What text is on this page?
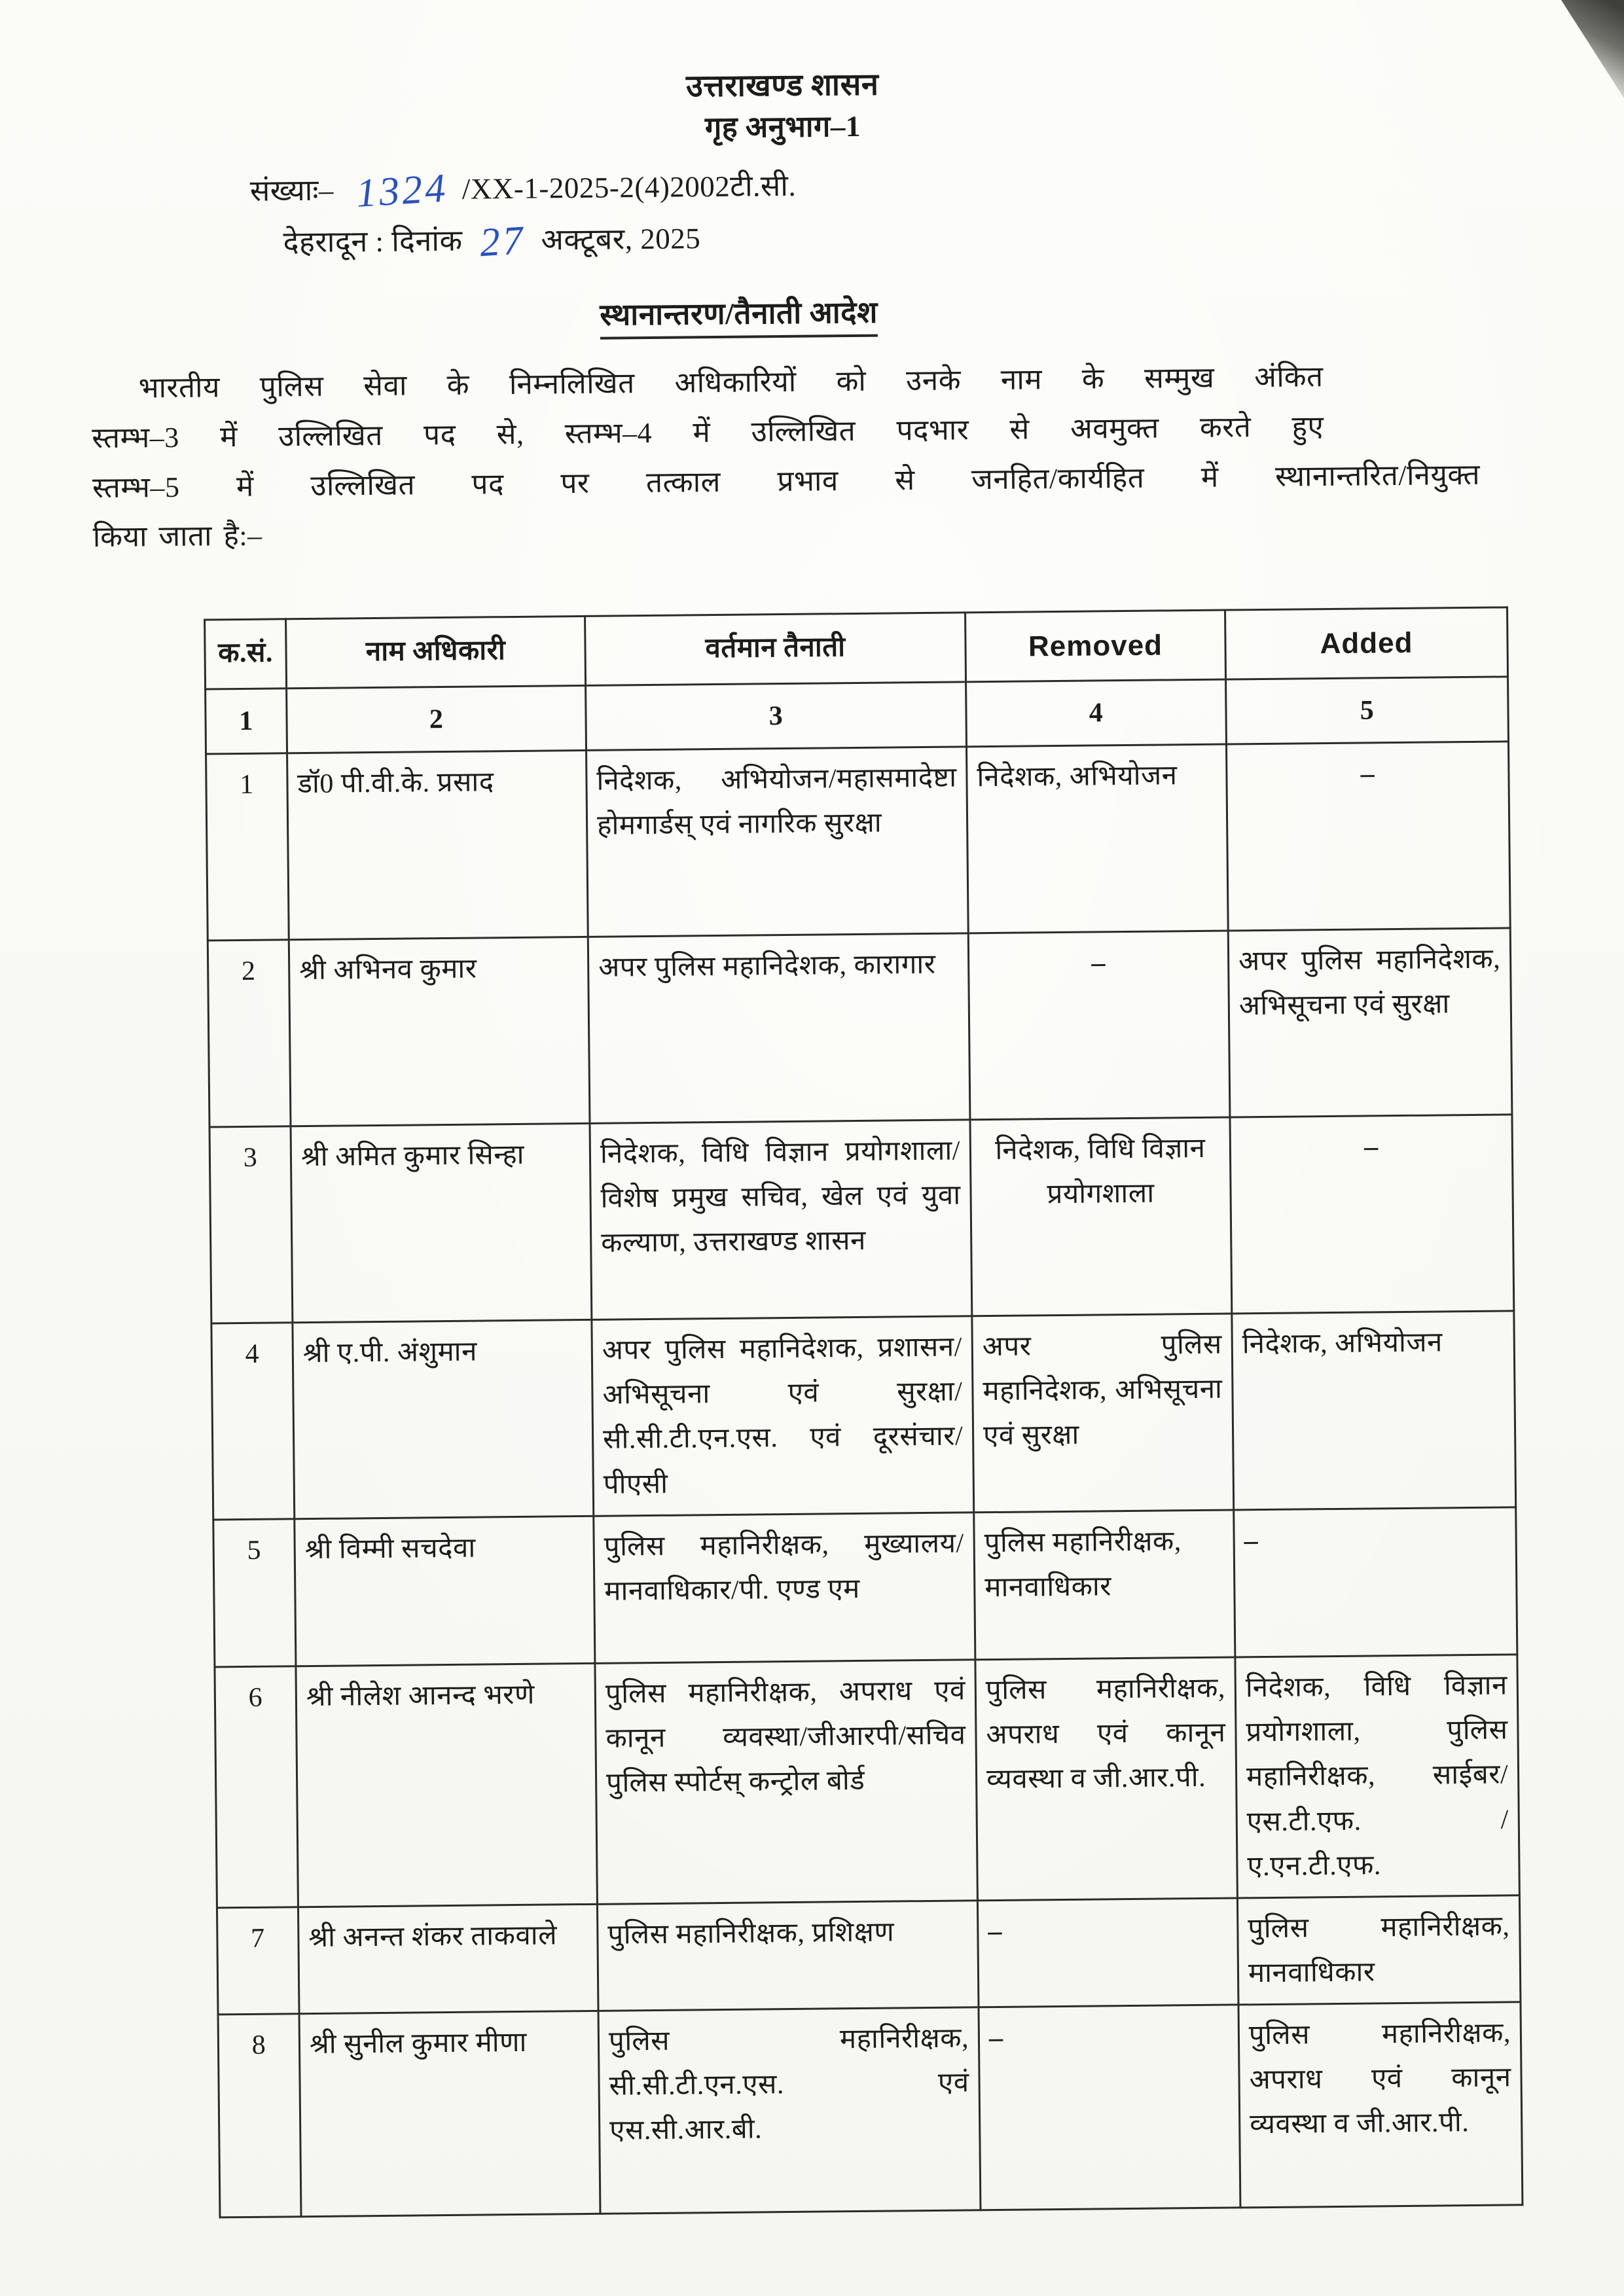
उत्तराखण्ड शासन
गृह अनुभाग–1
संख्याः– 1324 /XX-1-2025-2(4)2002टी.सी.
देहरादून : दिनांक 27 अक्टूबर, 2025
स्थानान्तरण/तैनाती आदेश
भारतीय पुलिस सेवा के निम्नलिखित अधिकारियों को उनके नाम के सम्मुख अंकित
स्तम्भ–3 में उल्लिखित पद से, स्तम्भ–4 में उल्लिखित पदभार से अवमुक्त करते हुए
स्तम्भ–5 में उल्लिखित पद पर तत्काल प्रभाव से जनहित/कार्यहित में स्थानान्तरित/नियुक्त
किया जाता है:–
क.सं.	नाम अधिकारी	वर्तमान तैनाती	Removed	Added
1	2	3	4	5
1	डॉ0 पी.वी.के. प्रसाद	निदेशक, अभियोजन/महासमादेष्टा होमगार्डस् एवं नागरिक सुरक्षा	निदेशक, अभियोजन	–
2	श्री अभिनव कुमार	अपर पुलिस महानिदेशक, कारागार	–	अपर पुलिस महानिदेशक, अभिसूचना एवं सुरक्षा
3	श्री अमित कुमार सिन्हा	निदेशक, विधि विज्ञान प्रयोगशाला/विशेष प्रमुख सचिव, खेल एवं युवा कल्याण, उत्तराखण्ड शासन	निदेशक, विधि विज्ञान प्रयोगशाला	–
4	श्री ए.पी. अंशुमान	अपर पुलिस महानिदेशक, प्रशासन/अभिसूचना एवं सुरक्षा/सी.सी.टी.एन.एस. एवं दूरसंचार/पीएसी	अपर पुलिस महानिदेशक, अभिसूचना एवं सुरक्षा	निदेशक, अभियोजन
5	श्री विम्मी सचदेवा	पुलिस महानिरीक्षक, मुख्यालय/मानवाधिकार/पी. एण्ड एम	पुलिस महानिरीक्षक, मानवाधिकार	–
6	श्री नीलेश आनन्द भरणे	पुलिस महानिरीक्षक, अपराध एवं कानून व्यवस्था/जीआरपी/सचिव पुलिस स्पोर्टस् कन्ट्रोल बोर्ड	पुलिस महानिरीक्षक, अपराध एवं कानून व्यवस्था व जी.आर.पी.	निदेशक, विधि विज्ञान प्रयोगशाला, पुलिस महानिरीक्षक, साईबर/एस.टी.एफ. /ए.एन.टी.एफ.
7	श्री अनन्त शंकर ताकवाले	पुलिस महानिरीक्षक, प्रशिक्षण	–	पुलिस महानिरीक्षक, मानवाधिकार
8	श्री सुनील कुमार मीणा	पुलिस महानिरीक्षक, सी.सी.टी.एन.एस. एवं एस.सी.आर.बी.	–	पुलिस महानिरीक्षक, अपराध एवं कानून व्यवस्था व जी.आर.पी.
